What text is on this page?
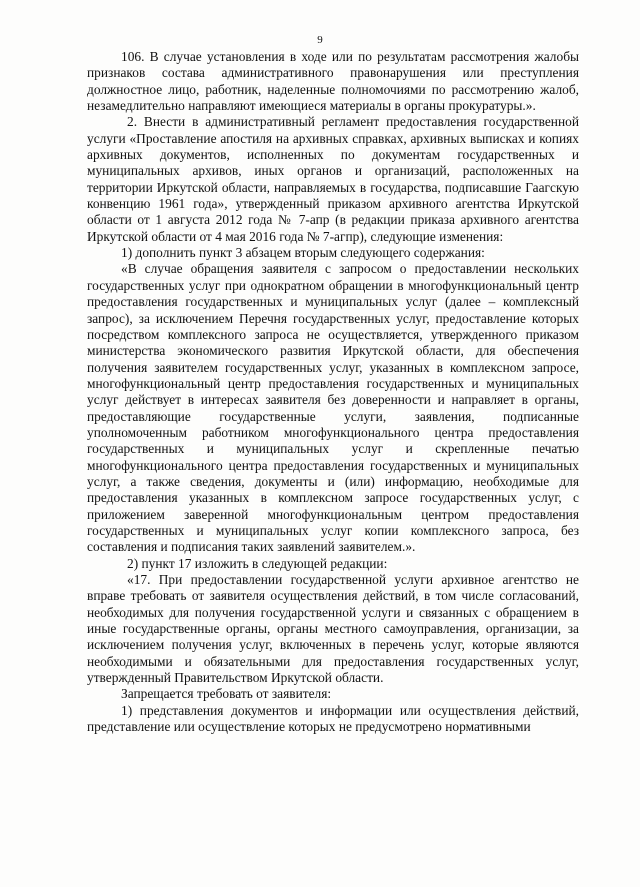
9

106. В случае установления в ходе или по результатам рассмотрения жалобы признаков состава административного правонарушения или преступления должностное лицо, работник, наделенные полномочиями по рассмотрению жалоб, незамедлительно направляют имеющиеся материалы в органы прокуратуры.».

2. Внести в административный регламент предоставления государственной услуги «Проставление апостиля на архивных справках, архивных выписках и копиях архивных документов, исполненных по документам государственных и муниципальных архивов, иных органов и организаций, расположенных на территории Иркутской области, направляемых в государства, подписавшие Гаагскую конвенцию 1961 года», утвержденный приказом архивного агентства Иркутской области от 1 августа 2012 года № 7-апр (в редакции приказа архивного агентства Иркутской области от 4 мая 2016 года № 7-агпр), следующие изменения:

1) дополнить пункт 3 абзацем вторым следующего содержания:

«В случае обращения заявителя с запросом о предоставлении нескольких государственных услуг при однократном обращении в многофункциональный центр предоставления государственных и муниципальных услуг (далее – комплексный запрос), за исключением Перечня государственных услуг, предоставление которых посредством комплексного запроса не осуществляется, утвержденного приказом министерства экономического развития Иркутской области, для обеспечения получения заявителем государственных услуг, указанных в комплексном запросе, многофункциональный центр предоставления государственных и муниципальных услуг действует в интересах заявителя без доверенности и направляет в органы, предоставляющие государственные услуги, заявления, подписанные уполномоченным работником многофункционального центра предоставления государственных и муниципальных услуг и скрепленные печатью многофункционального центра предоставления государственных и муниципальных услуг, а также сведения, документы и (или) информацию, необходимые для предоставления указанных в комплексном запросе государственных услуг, с приложением заверенной многофункциональным центром предоставления государственных и муниципальных услуг копии комплексного запроса, без составления и подписания таких заявлений заявителем.».

2) пункт 17 изложить в следующей редакции:

«17. При предоставлении государственной услуги архивное агентство не вправе требовать от заявителя осуществления действий, в том числе согласований, необходимых для получения государственной услуги и связанных с обращением в иные государственные органы, органы местного самоуправления, организации, за исключением получения услуг, включенных в перечень услуг, которые являются необходимыми и обязательными для предоставления государственных услуг, утвержденный Правительством Иркутской области.

Запрещается требовать от заявителя:

1) представления документов и информации или осуществления действий, представление или осуществление которых не предусмотрено нормативными
